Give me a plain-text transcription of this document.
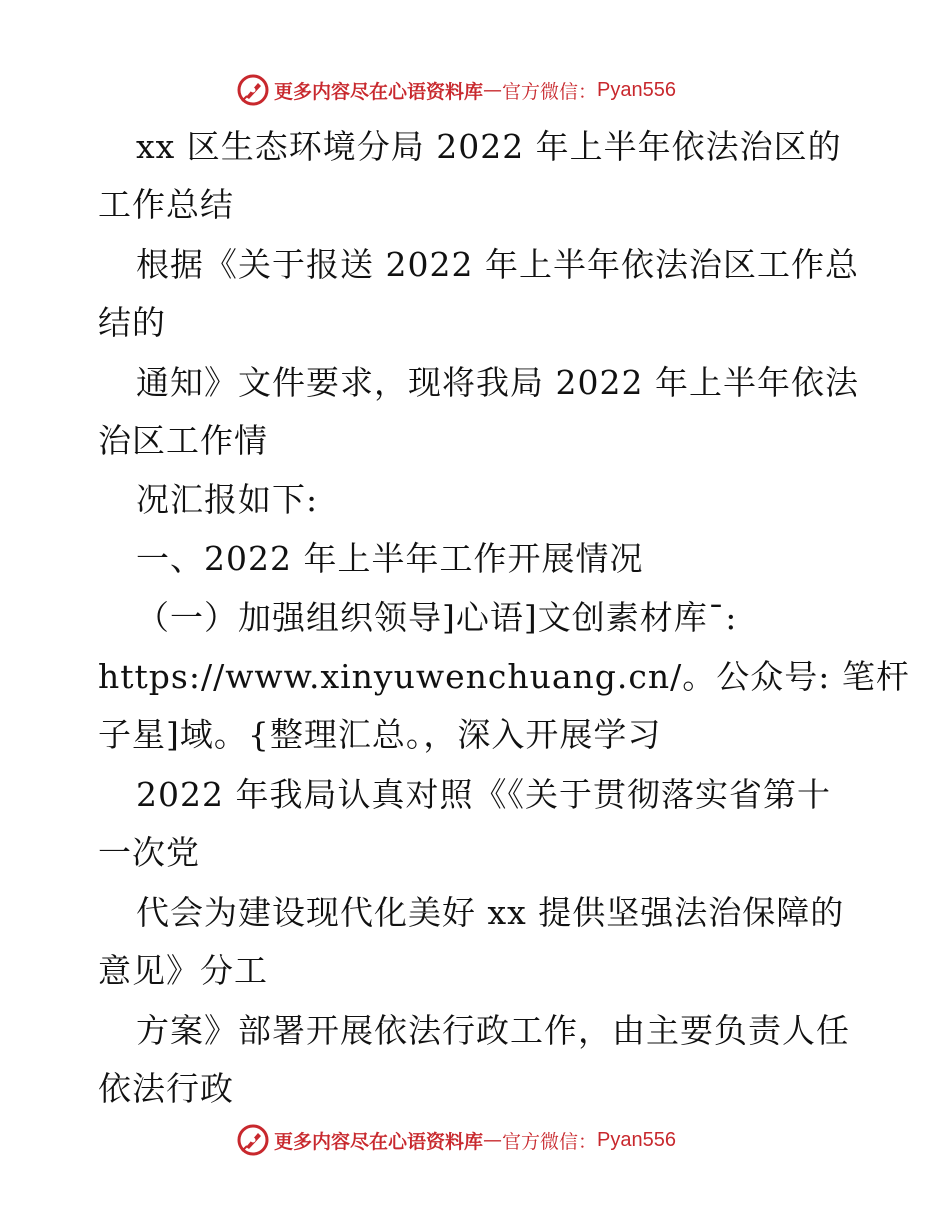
更多内容尽在心语资料库 — 官方微信： Pyan556
xx 区生态环境分局 2022 年上半年依法治区的
工作总结
根据《关于报送 2022 年上半年依法治区工作总
结的
通知》文件要求，现将我局 2022 年上半年依法
治区工作情
况汇报如下:
一、2022 年上半年工作开展情况
（一）加强组织领导]心语]文创素材库¯:
https://www.xinyuwenchuang.cn/。公众号: 笔杆
子星]域。{整理汇总。，深入开展学习
2022 年我局认真对照《《关于贯彻落实省第十
一次党
代会为建设现代化美好 xx 提供坚强法治保障的
意见》分工
方案》部署开展依法行政工作，由主要负责人任
依法行政
更多内容尽在心语资料库 — 官方微信： Pyan556
